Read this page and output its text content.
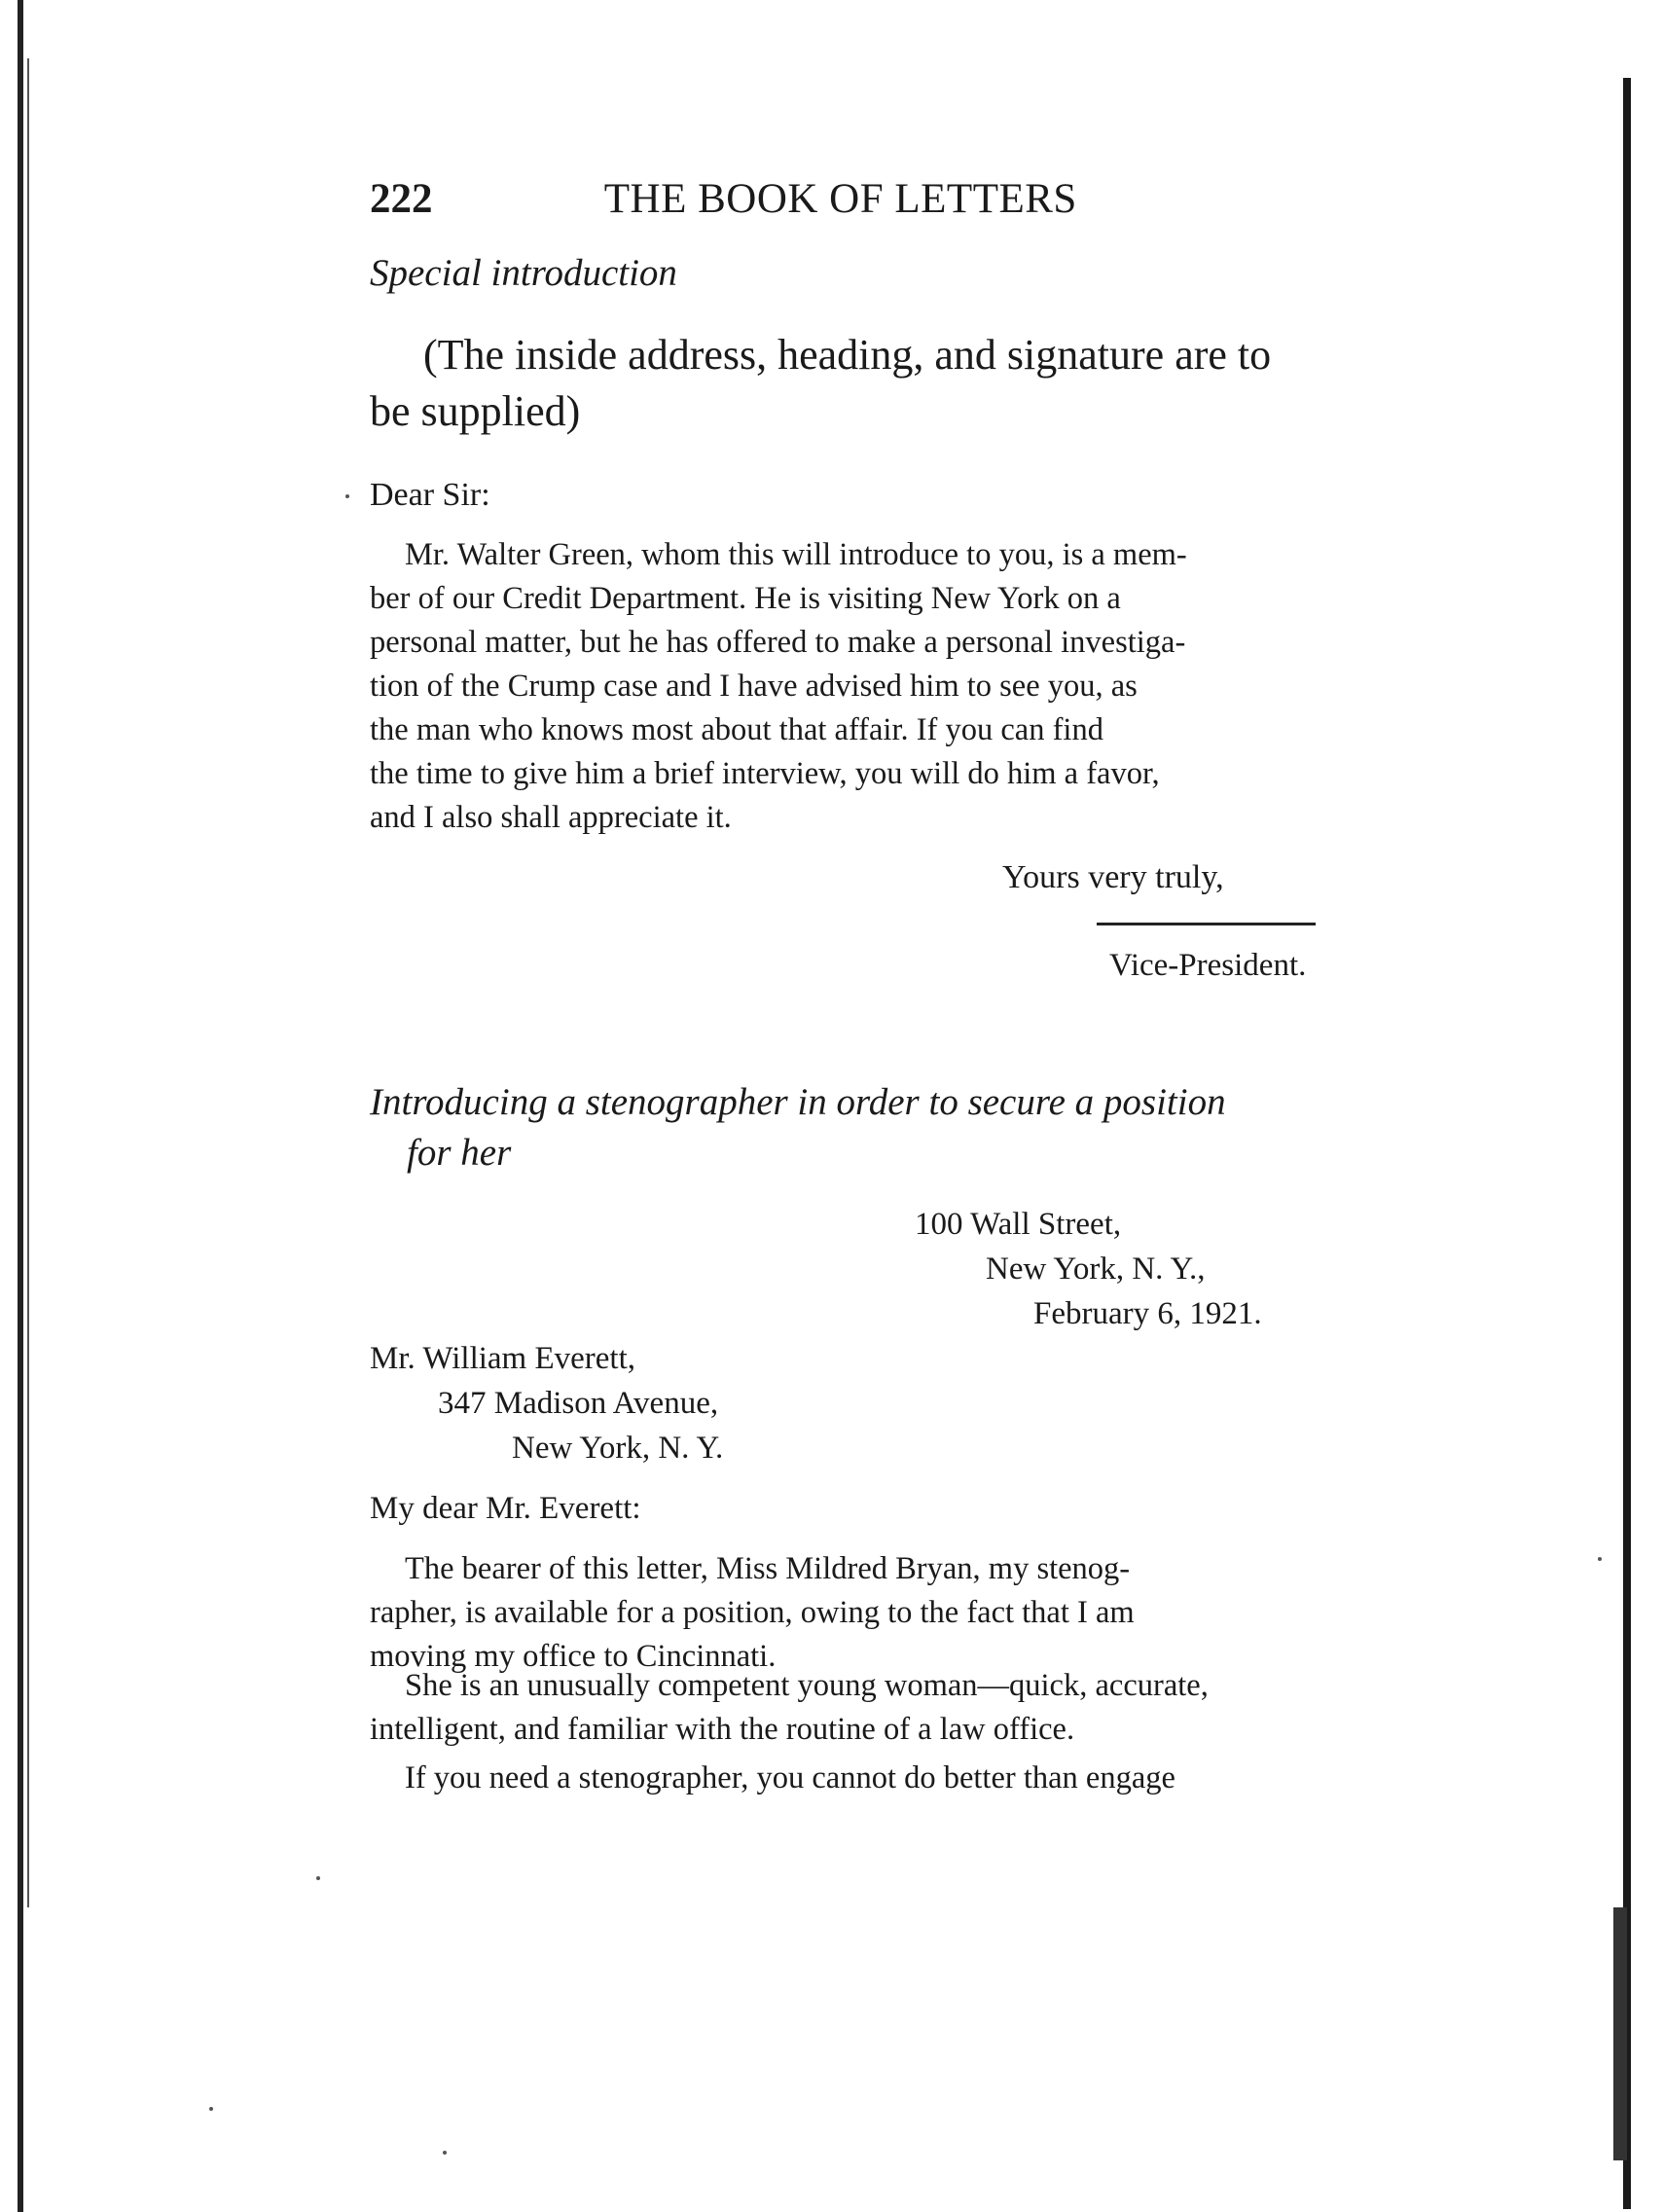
222	THE BOOK OF LETTERS
Special introduction
(The inside address, heading, and signature are to
be supplied)
Dear Sir:
Mr. Walter Green, whom this will introduce to you, is a mem-
ber of our Credit Department. He is visiting New York on a
personal matter, but he has offered to make a personal investiga-
tion of the Crump case and I have advised him to see you, as
the man who knows most about that affair. If you can find
the time to give him a brief interview, you will do him a favor,
and I also shall appreciate it.
Yours very truly,
Vice-President.
Introducing a stenographer in order to secure a position
for her
100 Wall Street,
New York, N. Y.,
February 6, 1921.
Mr. William Everett,
347 Madison Avenue,
New York, N. Y.
My dear Mr. Everett:
The bearer of this letter, Miss Mildred Bryan, my stenog-
rapher, is available for a position, owing to the fact that I am
moving my office to Cincinnati.
She is an unusually competent young woman—quick, accurate,
intelligent, and familiar with the routine of a law office.
If you need a stenographer, you cannot do better than engage
